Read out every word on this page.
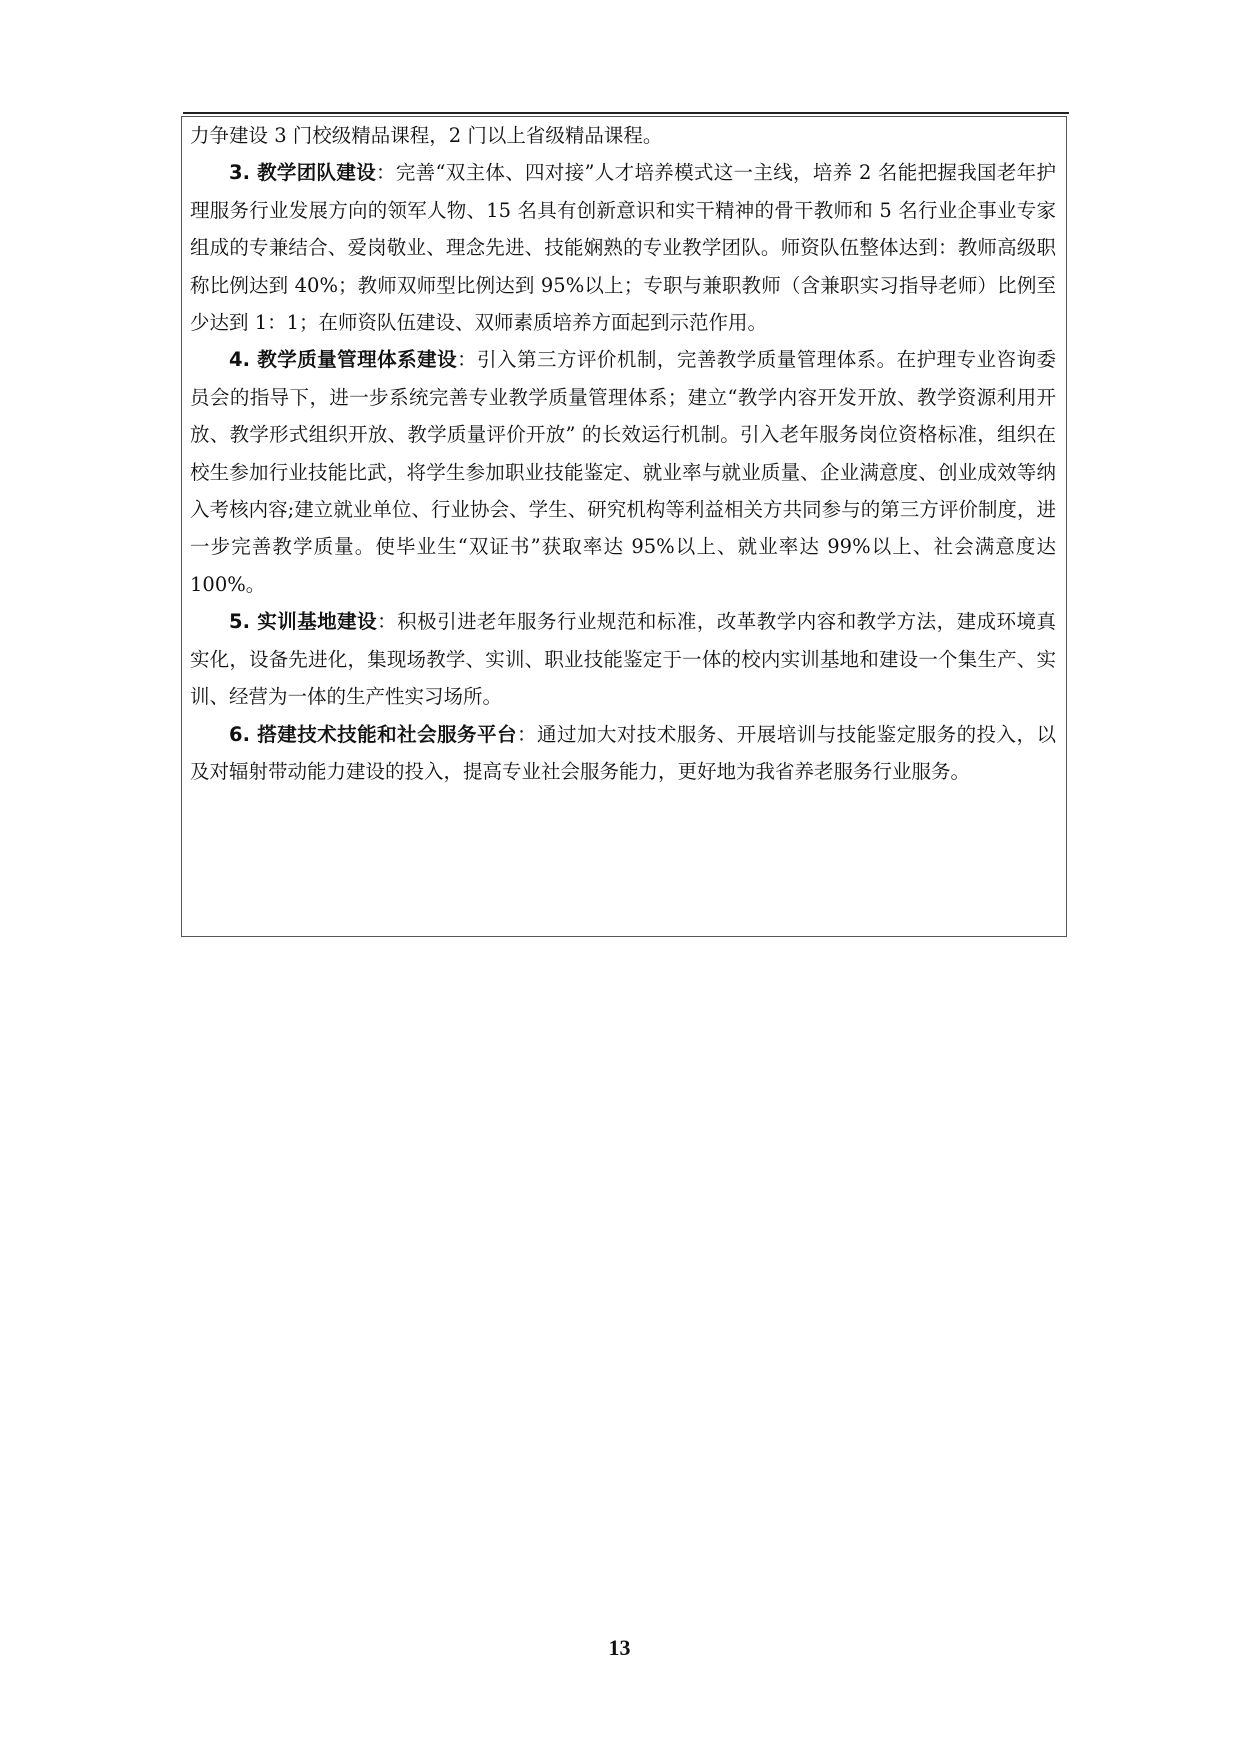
力争建设 3 门校级精品课程，2 门以上省级精品课程。

3. 教学团队建设：完善“双主体、四对接”人才培养模式这一主线，培养 2 名能把握我国老年护理服务行业发展方向的领军人物、15 名具有创新意识和实干精神的骨干教师和 5 名行业企事业专家组成的专兼结合、爱岗敬业、理念先进、技能娴熟的专业教学团队。师资队伍整体达到：教师高级职称比例达到 40%；教师双师型比例达到 95%以上；专职与兼职教师（含兼职实习指导老师）比例至少达到 1：1；在师资队伍建设、双师素质培养方面起到示范作用。

4. 教学质量管理体系建设：引入第三方评价机制，完善教学质量管理体系。在护理专业咨询委员会的指导下，进一步系统完善专业教学质量管理体系；建立“教学内容开发开放、教学资源利用开放、教学形式组织开放、教学质量评价开放” 的长效运行机制。引入老年服务岗位资格标准，组织在校生参加行业技能比武，将学生参加职业技能鉴定、就业率与就业质量、企业满意度、创业成效等纳入考核内容;建立就业单位、行业协会、学生、研究机构等利益相关方共同参与的第三方评价制度，进一步完善教学质量。使毕业生“双证书”获取率达 95%以上、就业率达 99%以上、社会满意度达 100%。

5. 实训基地建设：积极引进老年服务行业规范和标准，改革教学内容和教学方法，建成环境真实化，设备先进化，集现场教学、实训、职业技能鉴定于一体的校内实训基地和建设一个集生产、实训、经营为一体的生产性实习场所。

6. 搭建技术技能和社会服务平台：通过加大对技术服务、开展培训与技能鉴定服务的投入，以及对辐射带动能力建设的投入，提高专业社会服务能力，更好地为我省养老服务行业服务。

13
